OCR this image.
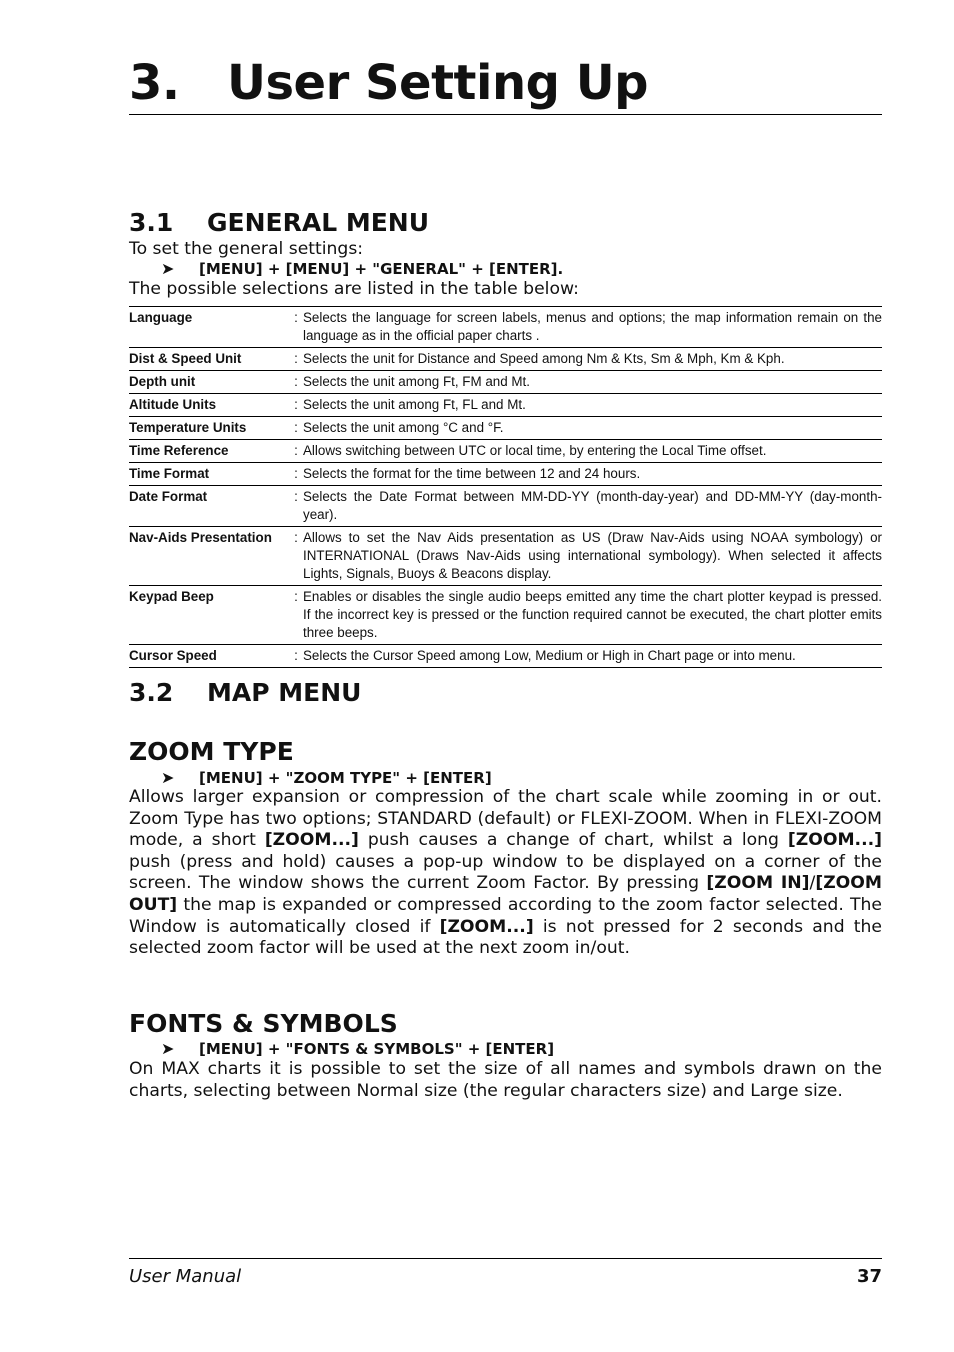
3. User Setting Up
3.1 GENERAL MENU
To set the general settings:
➤ [MENU] + [MENU] + "GENERAL" + [ENTER].
The possible selections are listed in the table below:
Language	:	Selects the language for screen labels, menus and options; the map information remain on the language as in the official paper charts .
Dist & Speed Unit	:	Selects the unit for Distance and Speed among Nm & Kts, Sm & Mph, Km & Kph.
Depth unit	:	Selects the unit among Ft, FM and Mt.
Altitude Units	:	Selects the unit among Ft, FL and Mt.
Temperature Units	:	Selects the unit among °C and °F.
Time Reference	:	Allows switching between UTC or local time, by entering the Local Time offset.
Time Format	:	Selects the format for the time between 12 and 24 hours.
Date Format	:	Selects the Date Format between MM-DD-YY (month-day-year) and DD-MM-YY (day-month-year).
Nav-Aids Presentation	:	Allows to set the Nav Aids presentation as US (Draw Nav-Aids using NOAA symbology) or INTERNATIONAL (Draws Nav-Aids using international symbology). When selected it affects Lights, Signals, Buoys & Beacons display.
Keypad Beep	:	Enables or disables the single audio beeps emitted any time the chart plotter keypad is pressed. If the incorrect key is pressed or the function required cannot be executed, the chart plotter emits three beeps.
Cursor Speed	:	Selects the Cursor Speed among Low, Medium or High in Chart page or into menu.
3.2 MAP MENU
ZOOM TYPE
➤ [MENU] + "ZOOM TYPE" + [ENTER]
Allows larger expansion or compression of the chart scale while zooming in or out. Zoom Type has two options; STANDARD (default) or FLEXI-ZOOM. When in FLEXI-ZOOM mode, a short [ZOOM...] push causes a change of chart, whilst a long [ZOOM...] push (press and hold) causes a pop-up window to be displayed on a corner of the screen. The window shows the current Zoom Factor. By pressing [ZOOM IN]/[ZOOM OUT] the map is expanded or compressed according to the zoom factor selected. The Window is automatically closed if [ZOOM...] is not pressed for 2 seconds and the selected zoom factor will be used at the next zoom in/out.
FONTS & SYMBOLS
➤ [MENU] + "FONTS & SYMBOLS" + [ENTER]
On MAX charts it is possible to set the size of all names and symbols drawn on the charts, selecting between Normal size (the regular characters size) and Large size.
User Manual	37
